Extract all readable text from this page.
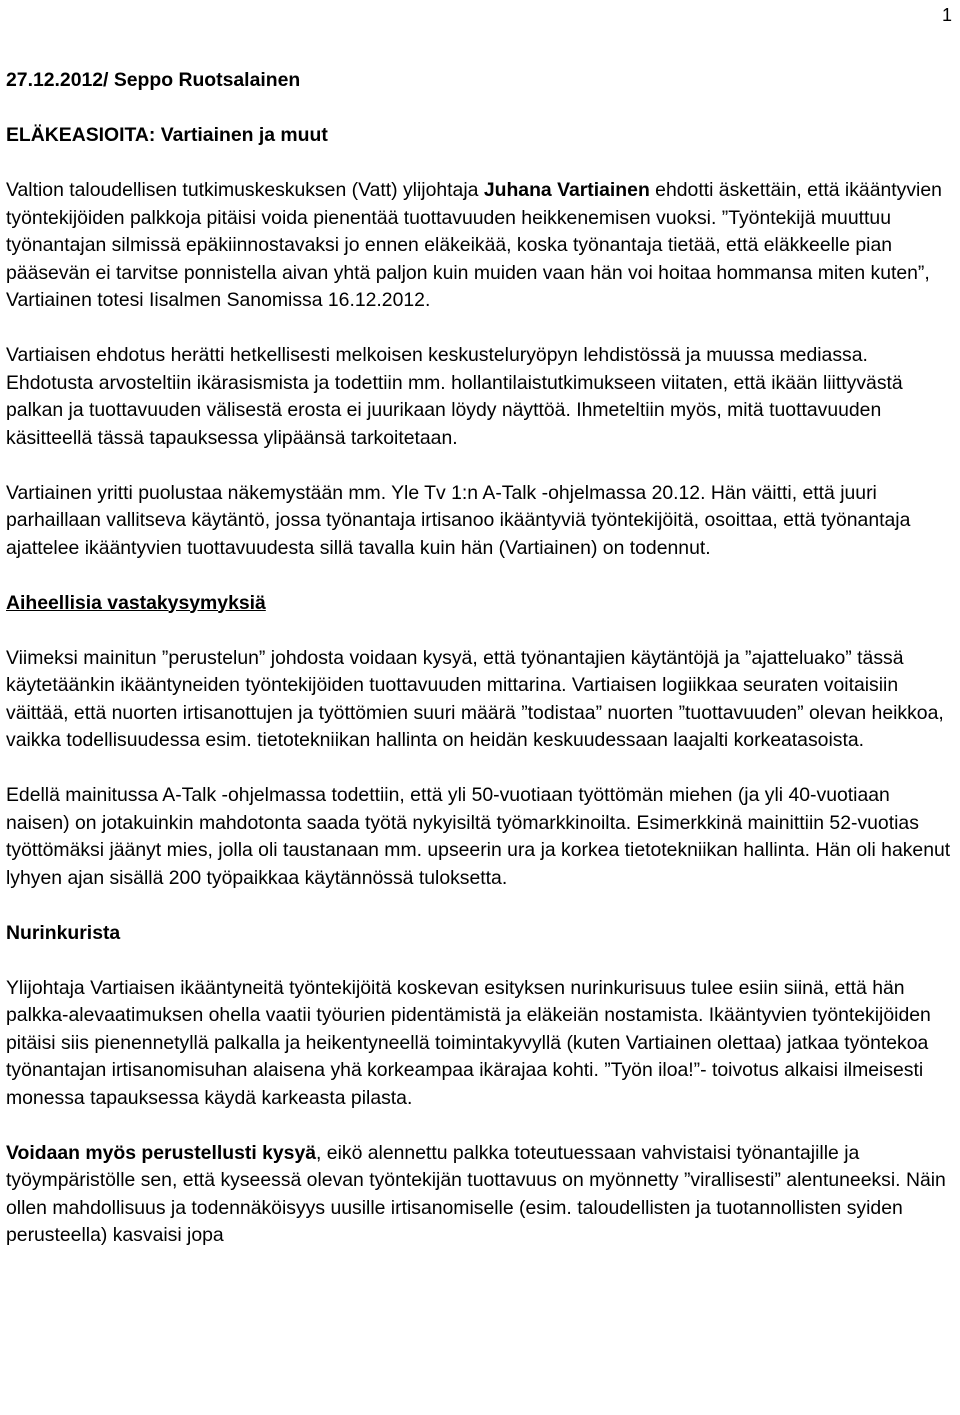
1

27.12.2012/ Seppo Ruotsalainen

ELÄKEASIOITA: Vartiainen ja muut

Valtion taloudellisen tutkimuskeskuksen (Vatt) ylijohtaja Juhana Vartiainen ehdotti äskettäin, että ikääntyvien työntekijöiden palkkoja pitäisi voida pienentää tuottavuuden heikkenemisen vuoksi. ”Työntekijä muuttuu työnantajan silmissä epäkiinnostavaksi jo ennen eläkeikää, koska työnantaja tietää, että eläkkeelle pian pääsevän ei tarvitse ponnistella aivan yhtä paljon kuin muiden vaan hän voi hoitaa hommansa miten kuten”, Vartiainen totesi Iisalmen Sanomissa 16.12.2012.

Vartiaisen ehdotus herätti hetkellisesti melkoisen keskusteluryöpyn lehdistössä ja muussa mediassa. Ehdotusta arvosteltiin ikärasismista ja todettiin mm. hollantilaistutkimukseen viitaten, että ikään liittyvästä palkan ja tuottavuuden välisestä erosta ei juurikaan löydy näyttöä. Ihmeteltiin myös, mitä tuottavuuden käsitteellä tässä tapauksessa ylipäänsä tarkoitetaan.

Vartiainen yritti puolustaa näkemystään mm. Yle Tv 1:n A-Talk -ohjelmassa 20.12. Hän väitti, että juuri parhaillaan vallitseva käytäntö, jossa työnantaja irtisanoo ikääntyviä työntekijöitä, osoittaa, että työnantaja ajattelee ikääntyvien tuottavuudesta sillä tavalla kuin hän (Vartiainen) on todennut.

Aiheellisia vastakysymyksiä

Viimeksi mainitun ”perustelun” johdosta voidaan kysyä, että työnantajien käytäntöjä ja ”ajatteluako” tässä käytetäänkin ikääntyneiden työntekijöiden tuottavuuden mittarina. Vartiaisen logiikkaa seuraten voitaisiin väittää, että nuorten irtisanottujen ja työttömien suuri määrä ”todistaa” nuorten ”tuottavuuden” olevan heikkoa, vaikka todellisuudessa esim. tietotekniikan hallinta on heidän keskuudessaan laajalti korkeatasoista.

Edellä mainitussa A-Talk -ohjelmassa todettiin, että yli 50-vuotiaan työttömän miehen (ja yli 40-vuotiaan naisen) on jotakuinkin mahdotonta saada työtä nykyisiltä työmarkkinoilta. Esimerkkinä mainittiin 52-vuotias työttömäksi jäänyt mies, jolla oli taustanaan mm. upseerin ura ja korkea tietotekniikan hallinta. Hän oli hakenut lyhyen ajan sisällä 200 työpaikkaa käytännössä tuloksetta.

Nurinkurista

Ylijohtaja Vartiaisen ikääntyneitä työntekijöitä koskevan esityksen nurinkurisuus tulee esiin siinä, että hän palkka-alevaatimuksen ohella vaatii työurien pidentämistä ja eläkeiän nostamista. Ikääntyvien työntekijöiden pitäisi siis pienennetyllä palkalla ja heikentyneellä toimintakyvyllä (kuten Vartiainen olettaa) jatkaa työntekoa työnantajan irtisanomisuhan alaisena yhä korkeampaa ikärajaa kohti. ”Työn iloa!”- toivotus alkaisi ilmeisesti monessa tapauksessa käydä karkeasta pilasta.

Voidaan myös perustellusti kysyä, eikö alennettu palkka toteutuessaan vahvistaisi työnantajille ja työympäristölle sen, että kyseessä olevan työntekijän tuottavuus on myönnetty ”virallisesti” alentuneeksi. Näin ollen mahdollisuus ja todennäköisyys uusille irtisanomiselle (esim. taloudellisten ja tuotannollisten syiden perusteella) kasvaisi jopa
